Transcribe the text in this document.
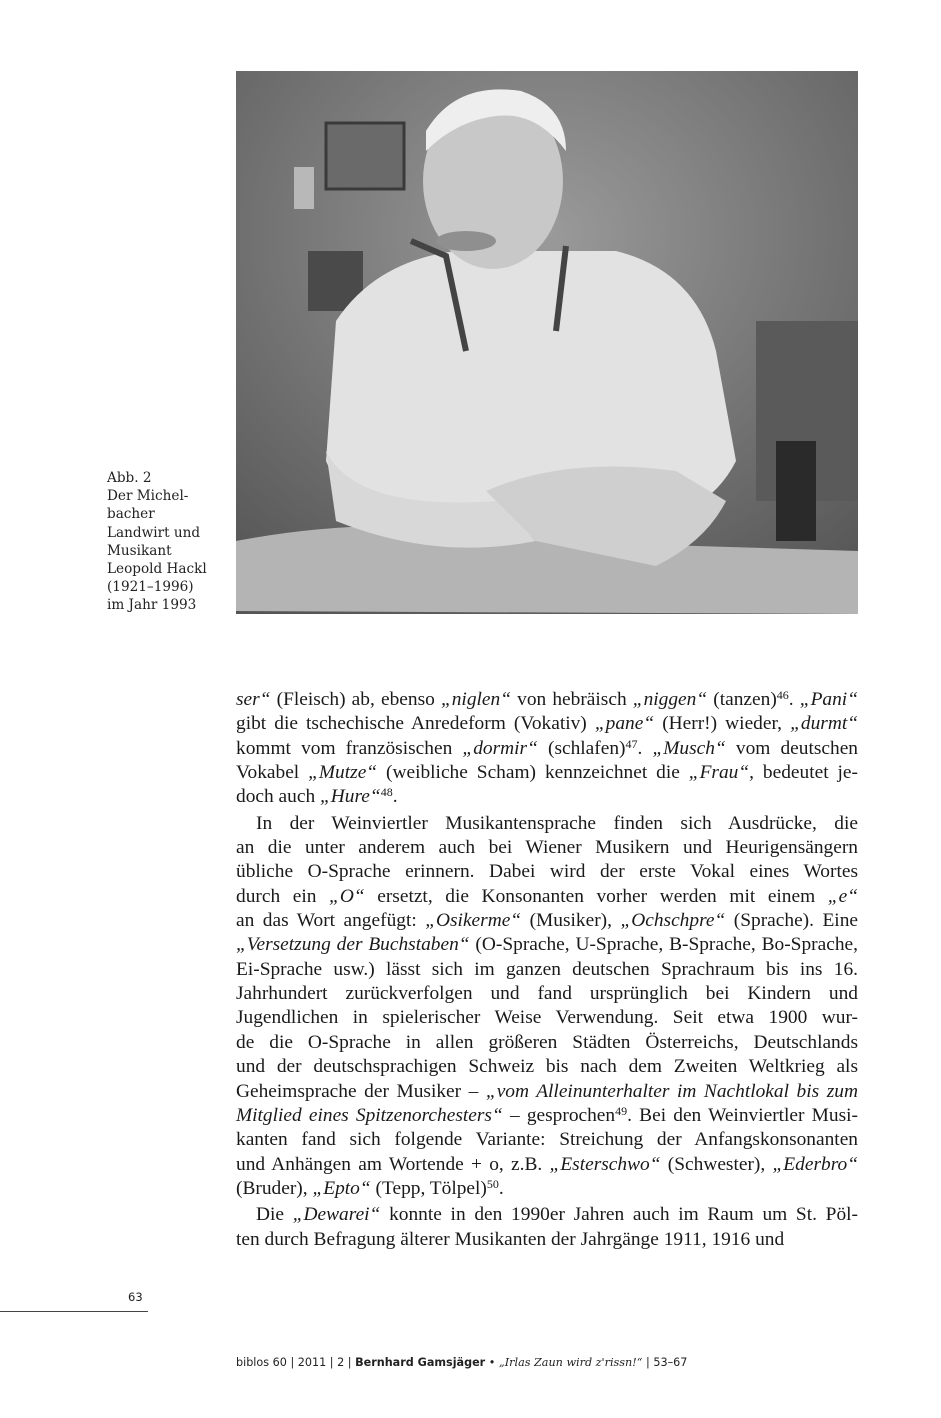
Abb. 2
Der Michel-
bacher
Landwirt und
Musikant
Leopold Hackl
(1921–1996)
im Jahr 1993
ser“ (Fleisch) ab, ebenso „niglen“ von hebräisch „niggen“ (tanzen)$^{46}$. „Pani“
gibt die tschechische Anredeform (Vokativ) „pane“ (Herr!) wieder, „durmt“
kommt vom französischen „dormir“ (schlafen)$^{47}$. „Musch“ vom deutschen
Vokabel „Mutze“ (weibliche Scham) kennzeichnet die „Frau“, bedeutet je-
doch auch „Hure“$^{48}$.
In der Weinviertler Musikantensprache finden sich Ausdrücke, die
an die unter anderem auch bei Wiener Musikern und Heurigensängern
übliche O-Sprache erinnern. Dabei wird der erste Vokal eines Wortes
durch ein „O“ ersetzt, die Konsonanten vorher werden mit einem „e“
an das Wort angefügt: „Osikerme“ (Musiker), „Ochschpre“ (Sprache). Eine
„Versetzung der Buchstaben“ (O-Sprache, U-Sprache, B-Sprache, Bo-Sprache,
Ei-Sprache usw.) lässt sich im ganzen deutschen Sprachraum bis ins 16.
Jahrhundert zurückverfolgen und fand ursprünglich bei Kindern und
Jugendlichen in spielerischer Weise Verwendung. Seit etwa 1900 wur-
de die O-Sprache in allen größeren Städten Österreichs, Deutschlands
und der deutschsprachigen Schweiz bis nach dem Zweiten Weltkrieg als
Geheimsprache der Musiker – „vom Alleinunterhalter im Nachtlokal bis zum
Mitglied eines Spitzenorchesters“ – gesprochen$^{49}$. Bei den Weinviertler Musi-
kanten fand sich folgende Variante: Streichung der Anfangskonsonanten
und Anhängen am Wortende + o, z.B. „Esterschwo“ (Schwester), „Ederbro“
(Bruder), „Epto“ (Tepp, Tölpel)$^{50}$.
Die „Dewarei“ konnte in den 1990er Jahren auch im Raum um St. Pöl-
ten durch Befragung älterer Musikanten der Jahrgänge 1911, 1916 und
63
biblos 60 | 2011 | 2 | Bernhard Gamsjäger • „Irlas Zaun wird z'rissn!“ | 53–67
